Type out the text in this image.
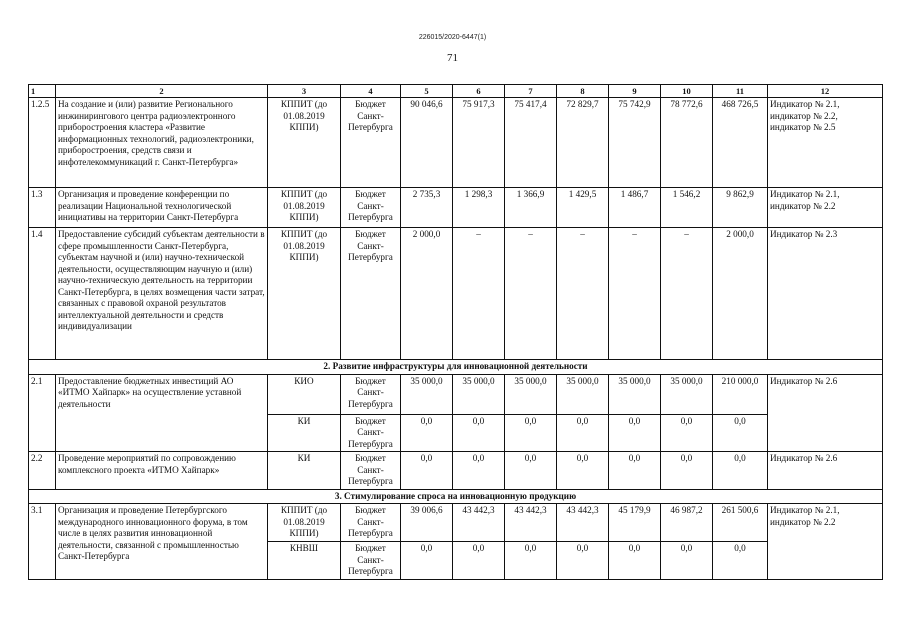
226015/2020-6447(1)
71
1	2	3	4	5	6	7	8	9	10	11	12
1.2.5	На создание и (или) развитие Регионального инжинирингового центра радиоэлектронного приборостроения кластера «Развитие информационных технологий, радиоэлектроники, приборостроения, средств связи и инфотелекоммуникаций г. Санкт-Петербурга»	КППИТ (до 01.08.2019 КППИ)	Бюджет Санкт-Петербурга	90 046,6	75 917,3	75 417,4	72 829,7	75 742,9	78 772,6	468 726,5	Индикатор № 2.1, индикатор № 2.2, индикатор № 2.5
1.3	Организация и проведение конференции по реализации Национальной технологической инициативы на территории Санкт-Петербурга	КППИТ (до 01.08.2019 КППИ)	Бюджет Санкт-Петербурга	2 735,3	1 298,3	1 366,9	1 429,5	1 486,7	1 546,2	9 862,9	Индикатор № 2.1, индикатор № 2.2
1.4	Предоставление субсидий субъектам деятельности в сфере промышленности Санкт-Петербурга, субъектам научной и (или) научно-технической деятельности, осуществляющим научную и (или) научно-техническую деятельность на территории Санкт-Петербурга, в целях возмещения части затрат, связанных с правовой охраной результатов интеллектуальной деятельности и средств индивидуализации	КППИТ (до 01.08.2019 КППИ)	Бюджет Санкт-Петербурга	2 000,0	–	–	–	–	–	2 000,0	Индикатор № 2.3
2. Развитие инфраструктуры для инновационной деятельности											
2.1	Предоставление бюджетных инвестиций АО «ИТМО Хайпарк» на осуществление уставной деятельности	КИО	Бюджет Санкт-Петербурга	35 000,0	35 000,0	35 000,0	35 000,0	35 000,0	35 000,0	210 000,0	Индикатор № 2.6
		КИ	Бюджет Санкт-Петербурга	0,0	0,0	0,0	0,0	0,0	0,0	0,0	
2.2	Проведение мероприятий по сопровождению комплексного проекта «ИТМО Хайпарк»	КИ	Бюджет Санкт-Петербурга	0,0	0,0	0,0	0,0	0,0	0,0	0,0	Индикатор № 2.6
3. Стимулирование спроса на инновационную продукцию											
3.1	Организация и проведение Петербургского международного инновационного форума, в том числе в целях развития инновационной деятельности, связанной с промышленностью Санкт-Петербурга	КППИТ (до 01.08.2019 КППИ)	Бюджет Санкт-Петербурга	39 006,6	43 442,3	43 442,3	43 442,3	45 179,9	46 987,2	261 500,6	Индикатор № 2.1, индикатор № 2.2
		КНВШ	Бюджет Санкт-Петербурга	0,0	0,0	0,0	0,0	0,0	0,0	0,0	
